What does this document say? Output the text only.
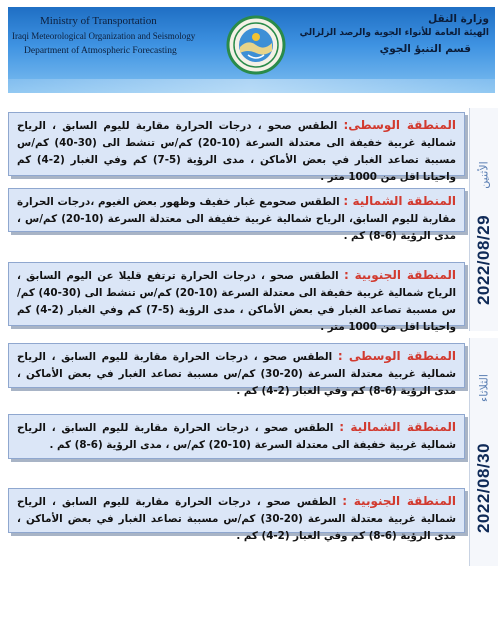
Ministry of Transportation
Iraqi Meteorological Organization and Seismology
Department of Atmospheric Forecasting
وزارة النقل
الهيئة العامة للأنواء الجوية والرصد الزلزالي
قسم التنبؤ الجوي
الأثنين
2022/08/29
الثلاثاء
2022/08/30
المنطقة الوسطى: الطقس صحو ، درجات الحرارة مقاربة لليوم السابق ، الرياح شمالية غربية خفيفة الى معتدلة السرعة (10-20) كم/س تنشط الى (30-40) كم/س مسببة تصاعد الغبار في بعض الأماكن ، مدى الرؤية (5-7) كم وفي الغبار (2-4) كم واحيانا اقل من 1000 متر .
المنطقة الشمالية : الطقس صحومع غبار خفيف وظهور بعض الغيوم ،درجات الحرارة مقاربة لليوم السابق، الرياح شمالية غربية خفيفة الى معتدلة السرعة (10-20) كم/س ، مدى الرؤية (6-8) كم .
المنطقة الجنوبية : الطقس صحو ، درجات الحرارة ترتفع قليلا عن اليوم السابق ، الرياح شمالية غربية خفيفة الى معتدلة السرعة (10-20) كم/س تنشط الى (30-40) كم/س مسببة تصاعد الغبار في بعض الأماكن ، مدى الرؤية (5-7) كم وفي الغبار (2-4) كم واحيانا اقل من 1000 متر .
المنطقة الوسطى : الطقس صحو ، درجات الحرارة مقاربة لليوم السابق ، الرياح شمالية غربية معتدلة السرعة (20-30) كم/س مسببة تصاعد الغبار في بعض الأماكن ، مدى الرؤية (6-8) كم وفي الغبار (2-4) كم .
المنطقة الشمالية : الطقس صحو ، درجات الحرارة مقاربة لليوم السابق ، الرياح شمالية غربية خفيفة الى معتدلة السرعة (10-20) كم/س ، مدى الرؤية (6-8) كم .
المنطقة الجنوبية : الطقس صحو ، درجات الحرارة مقاربة لليوم السابق ، الرياح شمالية غربية معتدلة السرعة (20-30) كم/س مسببة تصاعد الغبار في بعض الأماكن ، مدى الرؤية (6-8) كم وفي الغبار (2-4) كم .
